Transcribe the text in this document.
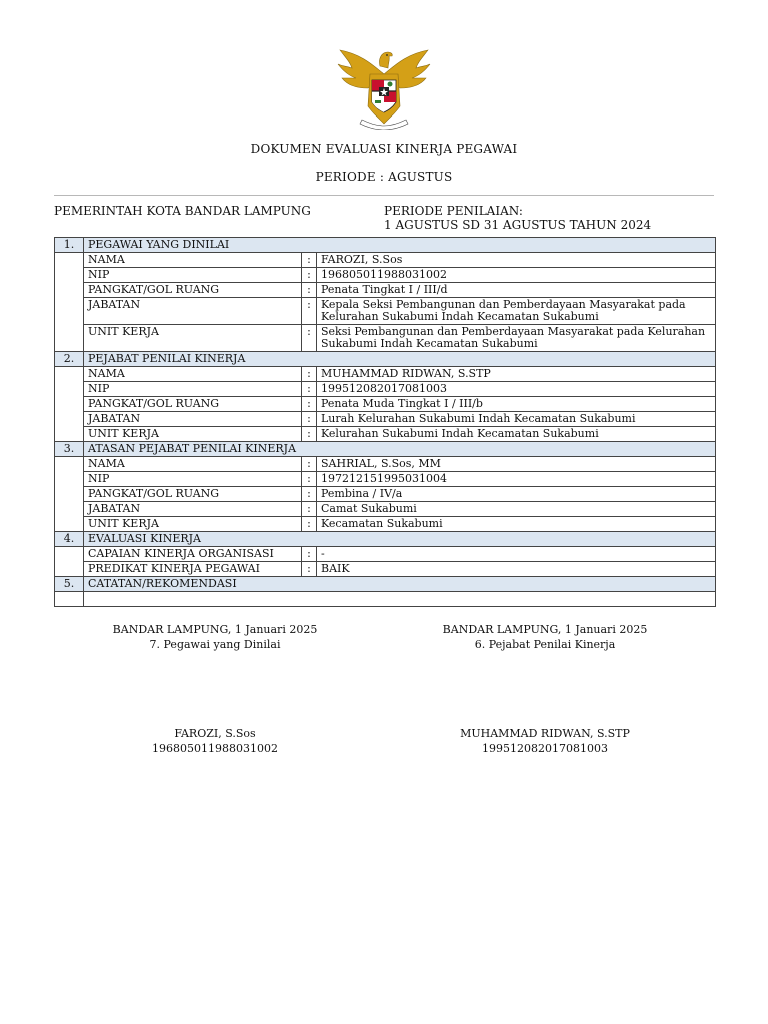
DOKUMEN EVALUASI KINERJA PEGAWAI
PERIODE : AGUSTUS
PEMERINTAH KOTA BANDAR LAMPUNG	PERIODE PENILAIAN:
1 AGUSTUS SD 31 AGUSTUS TAHUN 2024
1.	PEGAWAI YANG DINILAI		
	NAMA	:	FAROZI, S.Sos
	NIP	:	196805011988031002
	PANGKAT/GOL RUANG	:	Penata Tingkat I / III/d
	JABATAN	:	Kepala Seksi Pembangunan dan Pemberdayaan Masyarakat pada Kelurahan Sukabumi Indah Kecamatan Sukabumi
	UNIT KERJA	:	Seksi Pembangunan dan Pemberdayaan Masyarakat pada Kelurahan Sukabumi Indah Kecamatan Sukabumi
2.	PEJABAT PENILAI KINERJA		
	NAMA	:	MUHAMMAD RIDWAN, S.STP
	NIP	:	199512082017081003
	PANGKAT/GOL RUANG	:	Penata Muda Tingkat I / III/b
	JABATAN	:	Lurah Kelurahan Sukabumi Indah Kecamatan Sukabumi
	UNIT KERJA	:	Kelurahan Sukabumi Indah Kecamatan Sukabumi
3.	ATASAN PEJABAT PENILAI KINERJA		
	NAMA	:	SAHRIAL, S.Sos, MM
	NIP	:	197212151995031004
	PANGKAT/GOL RUANG	:	Pembina / IV/a
	JABATAN	:	Camat Sukabumi
	UNIT KERJA	:	Kecamatan Sukabumi
4.	EVALUASI KINERJA		
	CAPAIAN KINERJA ORGANISASI	:	-
	PREDIKAT KINERJA PEGAWAI	:	BAIK
5.	CATATAN/REKOMENDASI		

BANDAR LAMPUNG, 1 Januari 2025
7. Pegawai yang Dinilai
BANDAR LAMPUNG, 1 Januari 2025
6. Pejabat Penilai Kinerja
FAROZI, S.Sos
196805011988031002
MUHAMMAD RIDWAN, S.STP
199512082017081003
